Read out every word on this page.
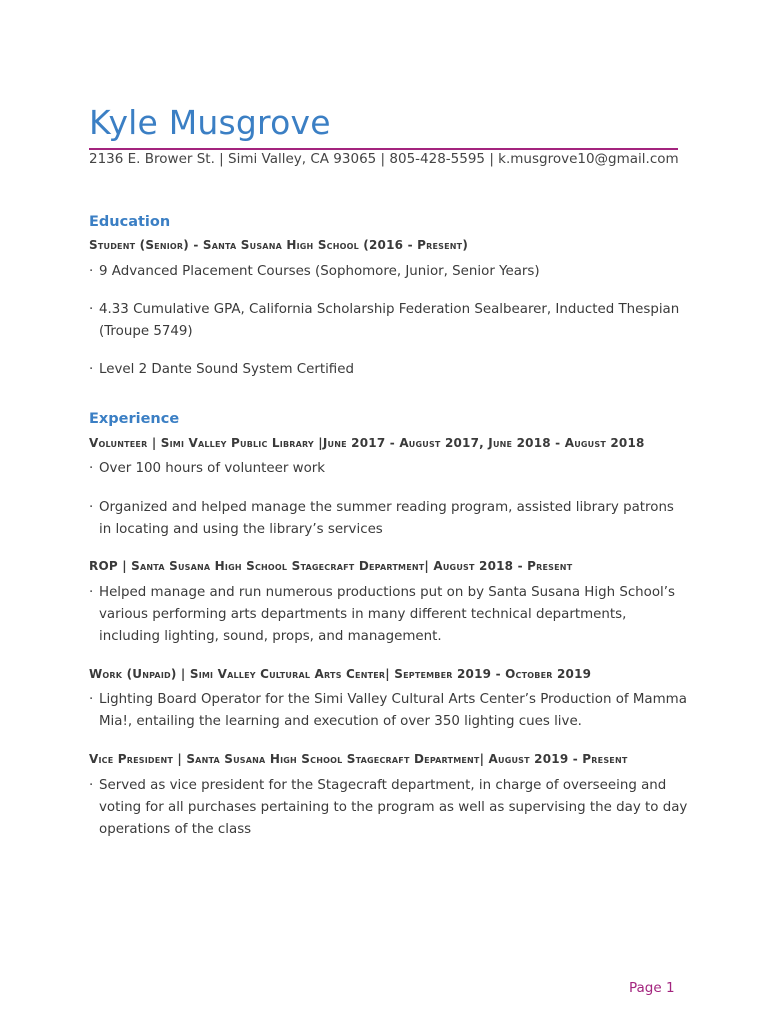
Kyle Musgrove
2136 E. Brower St. | Simi Valley, CA 93065 | 805-428-5595 | k.musgrove10@gmail.com
Education
Student (Senior) - Santa Susana High School (2016 - Present)
· 9 Advanced Placement Courses (Sophomore, Junior, Senior Years)
· 4.33 Cumulative GPA, California Scholarship Federation Sealbearer, Inducted Thespian (Troupe 5749)
· Level 2 Dante Sound System Certified
Experience
Volunteer | Simi Valley Public Library |June 2017 - August 2017, June 2018 - August 2018
· Over 100 hours of volunteer work
· Organized and helped manage the summer reading program, assisted library patrons in locating and using the library’s services
ROP | Santa Susana High School Stagecraft Department| August 2018 - Present
· Helped manage and run numerous productions put on by Santa Susana High School’s various performing arts departments in many different technical departments, including lighting, sound, props, and management.
Work (Unpaid) | Simi Valley Cultural Arts Center| September 2019 - October 2019
· Lighting Board Operator for the Simi Valley Cultural Arts Center’s Production of Mamma Mia!, entailing the learning and execution of over 350 lighting cues live.
Vice President | Santa Susana High School Stagecraft Department| August 2019 - Present
· Served as vice president for the Stagecraft department, in charge of overseeing and voting for all purchases pertaining to the program as well as supervising the day to day operations of the class
Page 1
